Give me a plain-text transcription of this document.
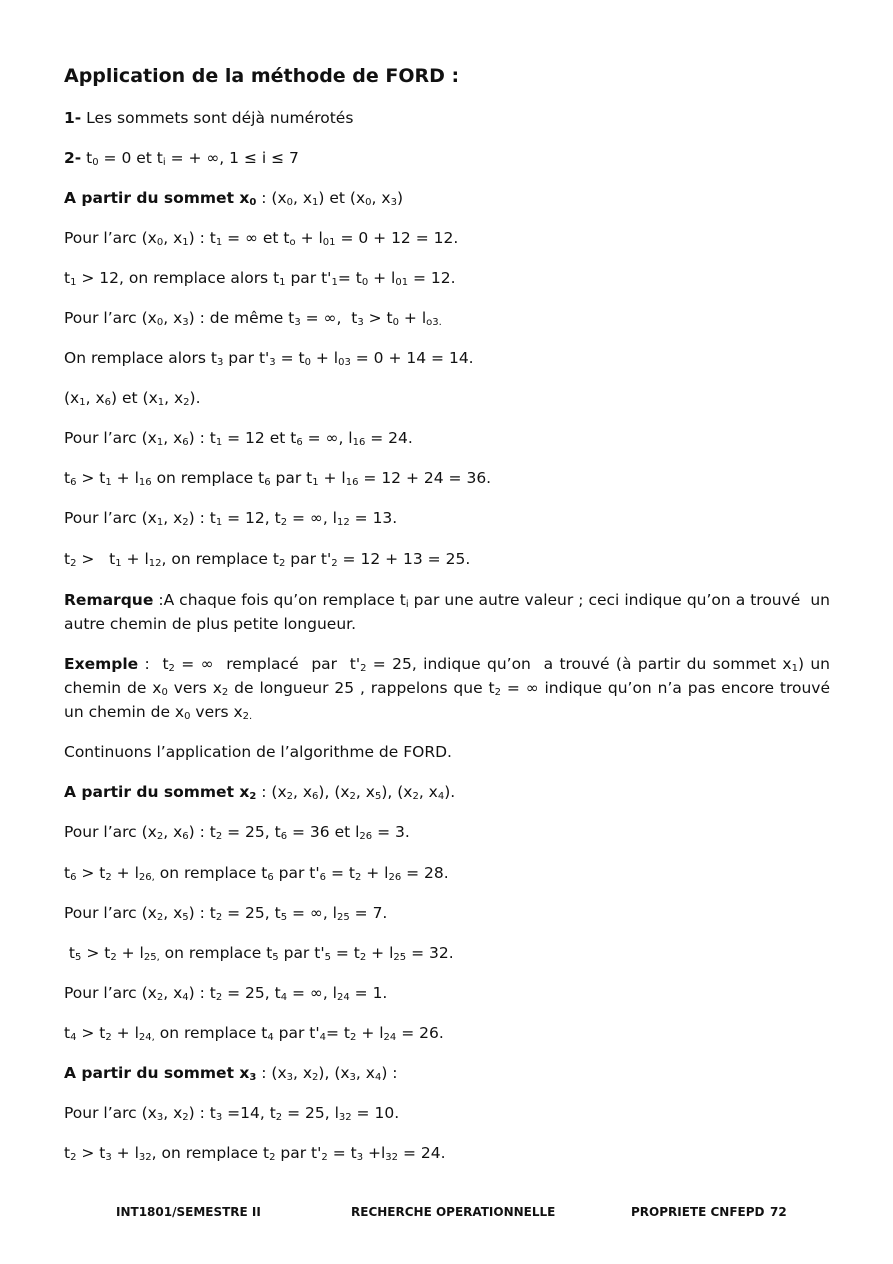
Application de la méthode de FORD :
1- Les sommets sont déjà numérotés
2- $t_0 = 0$ et $t_i$ = + ∞, 1 ≤ i ≤ 7
A partir du sommet $x_0$ : ($x_0$, $x_1$) et ($x_0$, $x_3$)
Pour l’arc ($x_0$, $x_1$) : $t_1$ = ∞ et $t_o + l_{01} = 0 + 12 = 12$.
$t_1 > 12$, on remplace alors $t_1$ par $t'_1= t_0 + l_{01} = 12$.
Pour l’arc ($x_0$, $x_3$) : de même $t_3$ = ∞,  $t_3 > t_0 + l_{o3.}$
On remplace alors $t_3$ par $t'_3 = t_0 + l_{03} = 0 + 14 = 14$.
($x_1$, $x_6$) et ($x_1$, $x_2$).
Pour l’arc ($x_1$, $x_6$) : $t_1 = 12$ et $t_6$ = ∞, $l_{16} = 24$.
$t_6 > t_1 + l_{16}$ on remplace $t_6$ par $t_1 + l_{16} = 12 + 24 = 36$.
Pour l’arc ($x_1$, $x_2$) : $t_1 = 12$, $t_2$ = ∞, $l_{12} = 13$.
$t_2 > t_1 + l_{12}$, on remplace $t_2$ par $t'_2 = 12 + 13 = 25$.
Remarque :A chaque fois qu’on remplace $t_i$ par une autre valeur ; ceci indique qu’on a trouvé  un autre chemin de plus petite longueur.
Exemple :  $t_2$ = ∞  remplacé  par  $t'_2 = 25$, indique qu’on  a trouvé (à partir du sommet $x_1$) un chemin de $x_0$ vers $x_2$ de longueur 25 , rappelons que $t_2$ = ∞ indique qu’on n’a pas encore trouvé un chemin de $x_0$ vers $x_{2.}$
Continuons l’application de l’algorithme de FORD.
A partir du sommet $x_2$ : ($x_2$, $x_6$), ($x_2$, $x_5$), ($x_2$, $x_4$).
Pour l’arc ($x_2$, $x_6$) : $t_2 = 25$, $t_6 = 36$ et $l_{26} = 3$.
$t_6 > t_2 + l_{26,}$ on remplace $t_6$ par $t'_6 = t_2 + l_{26} = 28$.
Pour l’arc ($x_2$, $x_5$) : $t_2 = 25$, $t_5$ = ∞, $l_{25} = 7$.
$t_5 > t_2 + l_{25,}$ on remplace $t_5$ par $t'_5 = t_2 + l_{25} = 32$.
Pour l’arc ($x_2$, $x_4$) : $t_2 = 25$, $t_4$ = ∞, $l_{24} = 1$.
$t_4 > t_2 + l_{24,}$ on remplace $t_4$ par $t'_4= t_2 + l_{24} = 26$.
A partir du sommet $x_3$ : ($x_3$, $x_2$), ($x_3$, $x_4$) :
Pour l’arc ($x_3$, $x_2$) : $t_3 =14$, $t_2 = 25$, $l_{32} = 10$.
$t_2 > t_3 + l_{32}$, on remplace $t_2$ par $t'_2 = t_3 +l_{32} = 24$.
INT1801/SEMESTRE II	RECHERCHE OPERATIONNELLE	PROPRIETE CNFEPD 72
